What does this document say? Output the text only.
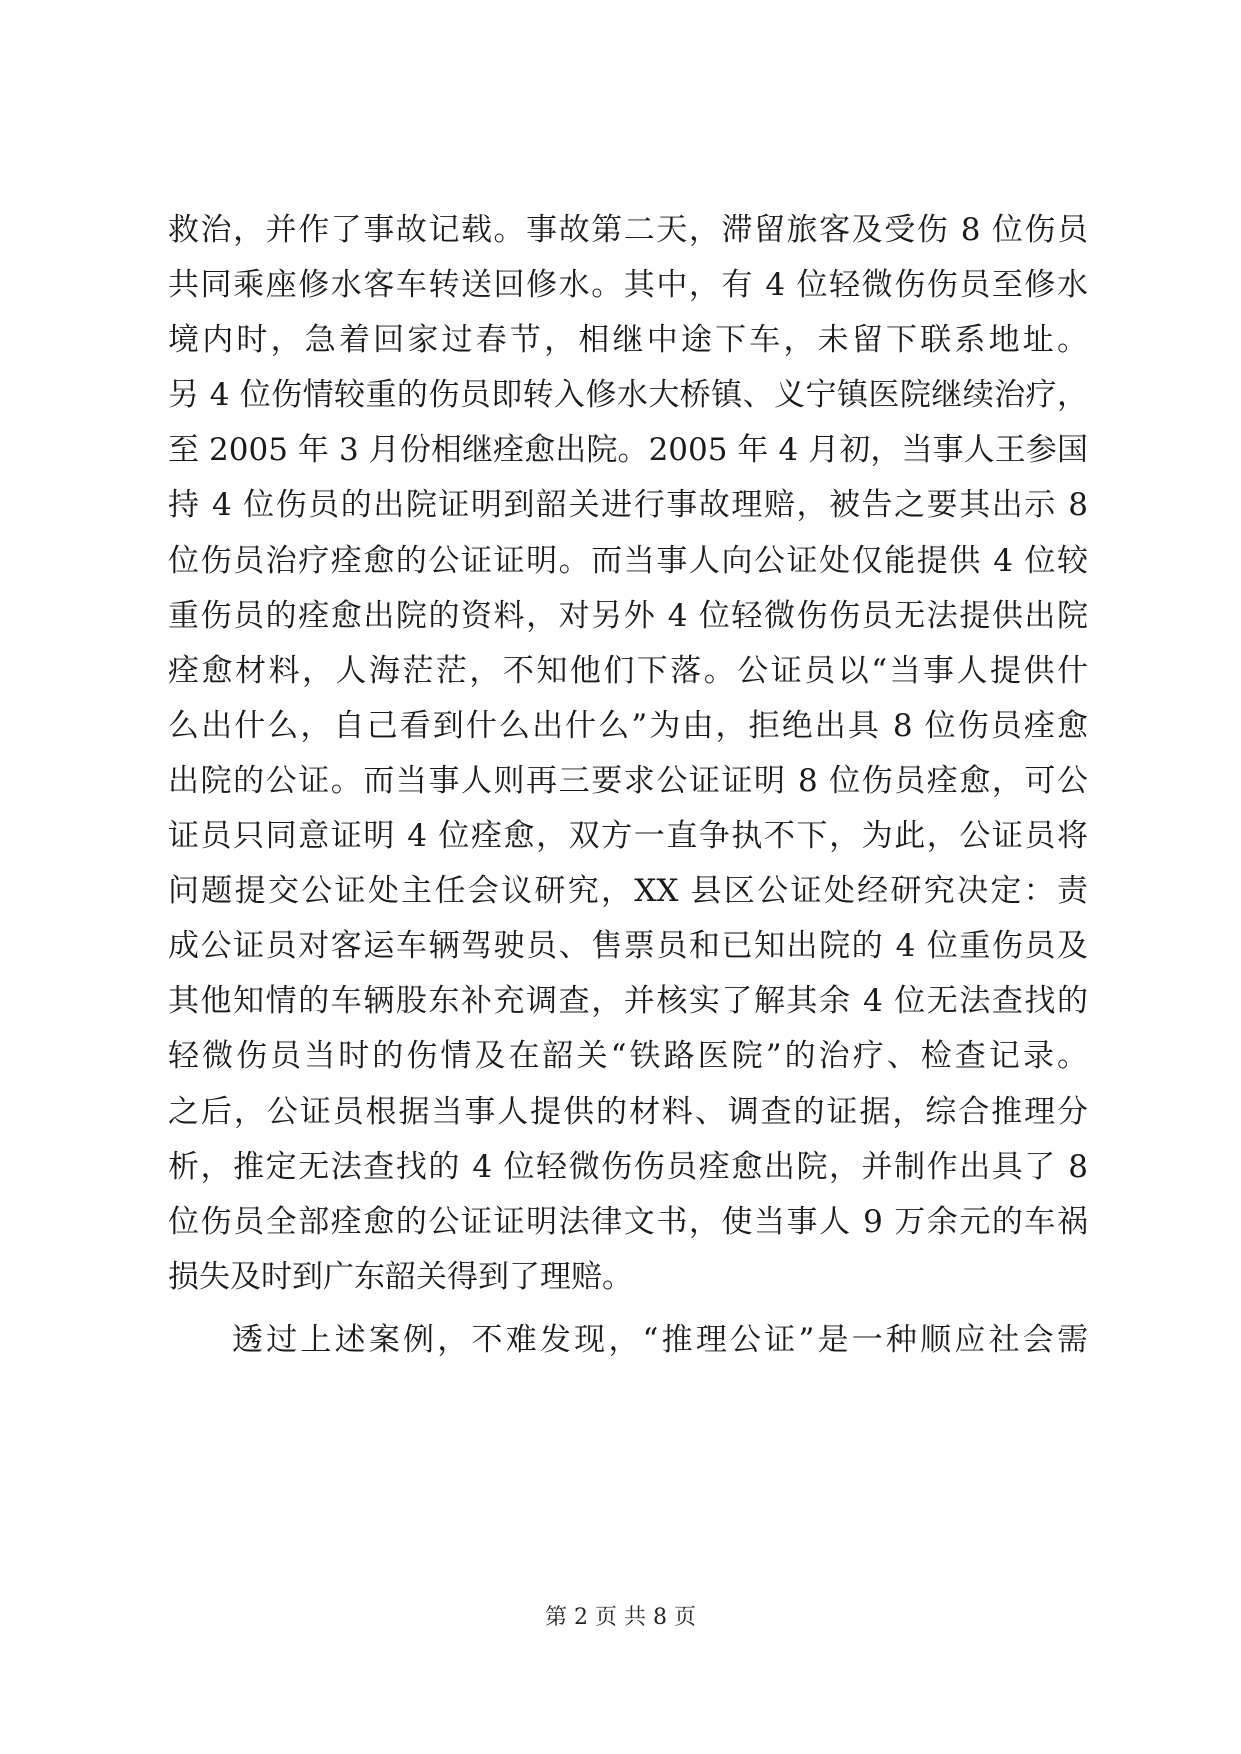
救治，并作了事故记载。事故第二天，滞留旅客及受伤 8 位伤员
共同乘座修水客车转送回修水。其中，有 4 位轻微伤伤员至修水
境内时，急着回家过春节，相继中途下车，未留下联系地址。
另 4 位伤情较重的伤员即转入修水大桥镇、义宁镇医院继续治疗，
至 2005 年 3 月份相继痊愈出院。2005 年 4 月初，当事人王参国
持 4 位伤员的出院证明到韶关进行事故理赔，被告之要其出示 8
位伤员治疗痊愈的公证证明。而当事人向公证处仅能提供 4 位较
重伤员的痊愈出院的资料，对另外 4 位轻微伤伤员无法提供出院
痊愈材料，人海茫茫，不知他们下落。公证员以“当事人提供什
么出什么，自己看到什么出什么”为由，拒绝出具 8 位伤员痊愈
出院的公证。而当事人则再三要求公证证明 8 位伤员痊愈，可公
证员只同意证明 4 位痊愈，双方一直争执不下，为此，公证员将
问题提交公证处主任会议研究，XX 县区公证处经研究决定：责
成公证员对客运车辆驾驶员、售票员和已知出院的 4 位重伤员及
其他知情的车辆股东补充调查，并核实了解其余 4 位无法查找的
轻微伤员当时的伤情及在韶关“铁路医院”的治疗、检查记录。
之后，公证员根据当事人提供的材料、调查的证据，综合推理分
析，推定无法查找的 4 位轻微伤伤员痊愈出院，并制作出具了 8
位伤员全部痊愈的公证证明法律文书，使当事人 9 万余元的车祸
损失及时到广东韶关得到了理赔。
透过上述案例，不难发现，“推理公证”是一种顺应社会需
第 2 页 共 8 页
